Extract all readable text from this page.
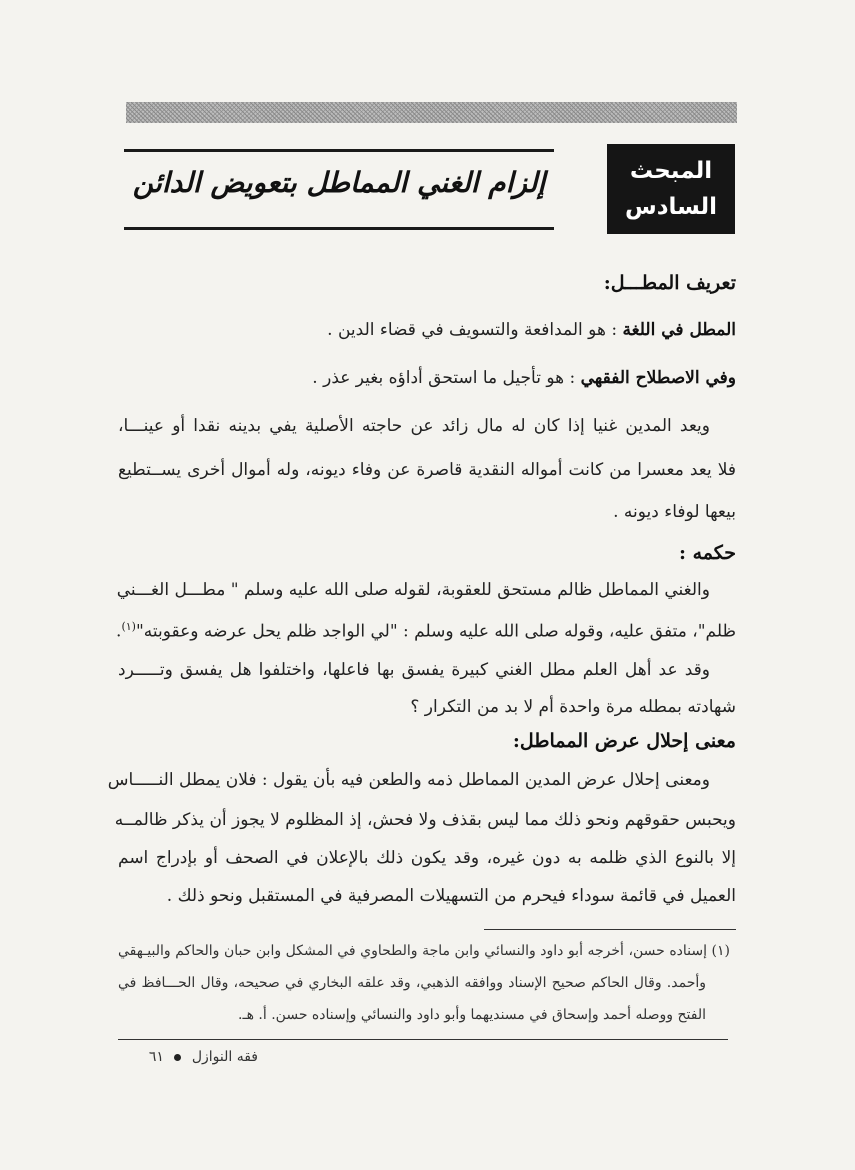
المبحث
السادس
إلزام الغني المماطل بتعويض الدائن
تعريف المطـــل:
المطل في اللغة : هو المدافعة والتسويف في قضاء الدين .
وفي الاصطلاح الفقهي : هو تأجيل ما استحق أداؤه بغير عذر .
ويعد المدين غنيا إذا كان له مال زائد عن حاجته الأصلية يفي بدينه نقدا أو عينـــا،
فلا يعد معسرا من كانت أمواله النقدية قاصرة عن وفاء ديونه، وله أموال أخرى يســتطيع
بيعها لوفاء ديونه .
حكمه :
والغني المماطل ظالم مستحق للعقوبة، لقوله صلى الله عليه وسلم " مطـــل الغـــني
ظلم"، متفق عليه، وقوله صلى الله عليه وسلم : "لي الواجد ظلم يحل عرضه وعقوبته"$^{(١)}$.
وقد عد أهل العلم مطل الغني كبيرة يفسق بها فاعلها، واختلفوا هل يفسق وتـــــرد
شهادته بمطله مرة واحدة أم لا بد من التكرار ؟
معنى إحلال عرض المماطل:
ومعنى إحلال عرض المدين المماطل ذمه والطعن فيه بأن يقول : فلان يمطل النـــــاس
ويحبس حقوقهم ونحو ذلك مما ليس بقذف ولا فحش، إذ المظلوم لا يجوز أن يذكر ظالمــه
إلا بالنوع الذي ظلمه به دون غيره، وقد يكون ذلك بالإعلان في الصحف أو بإدراج اسم
العميل في قائمة سوداء فيحرم من التسهيلات المصرفية في المستقبل ونحو ذلك .
(١) إسناده حسن، أخرجه أبو داود والنسائي وابن ماجة والطحاوي في المشكل وابن حبان والحاكم والبيـهقي
وأحمد. وقال الحاكم صحيح الإسناد ووافقه الذهبي، وقد علقه البخاري في صحيحه، وقال الحـــافظ في
الفتح ووصله أحمد وإسحاق في مسنديهما وأبو داود والنسائي وإسناده حسن. أ. هـ.
فقه النوازل  ٦١
